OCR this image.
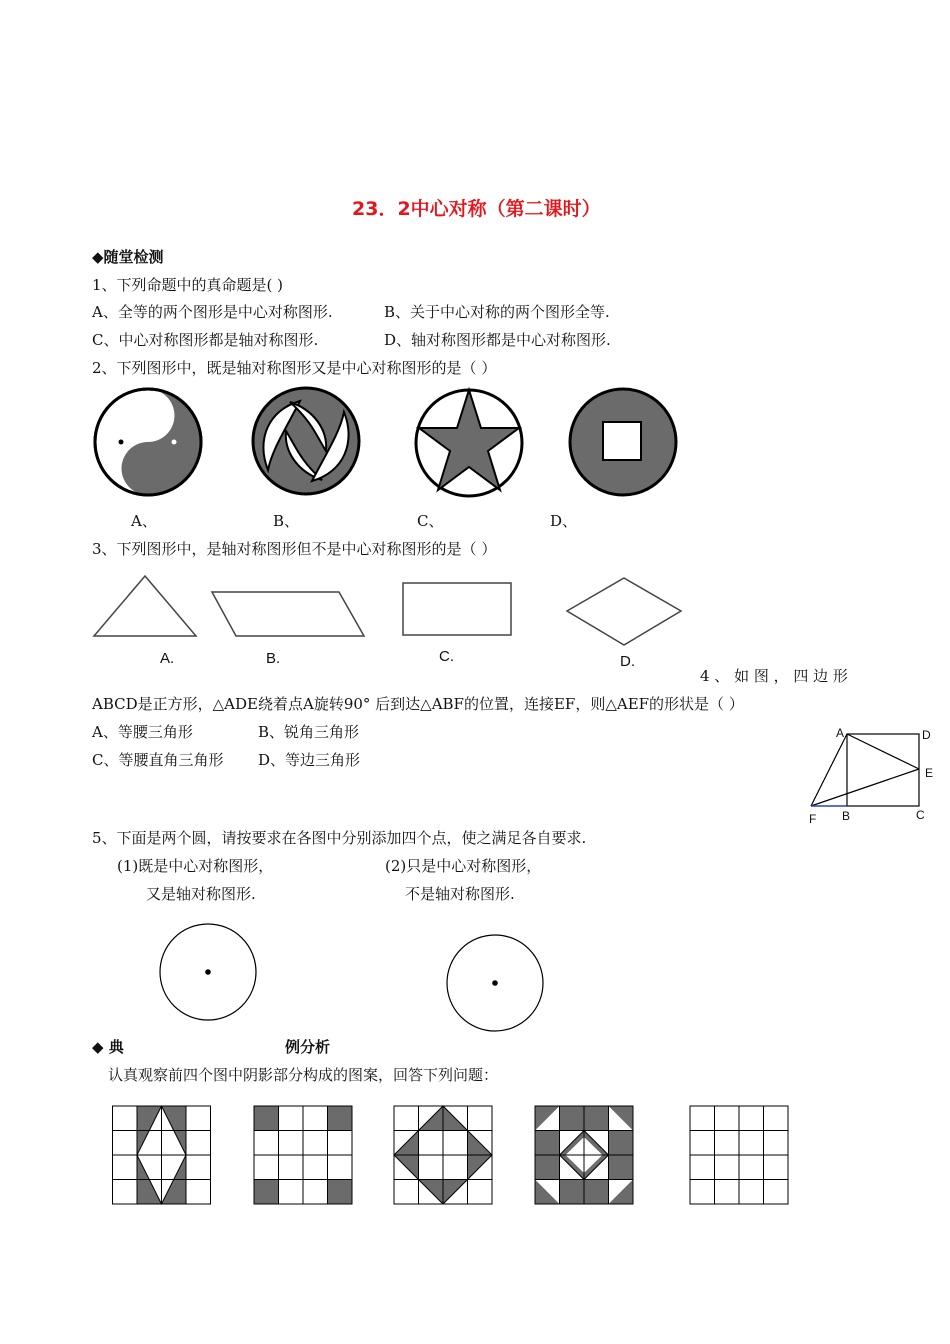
23．2中心对称（第二课时）
◆随堂检测
1、下列命题中的真命题是( )
A、全等的两个图形是中心对称图形.	B、关于中心对称的两个图形全等.
C、中心对称图形都是轴对称图形.	D、轴对称图形都是中心对称图形.
2、下列图形中，既是轴对称图形又是中心对称图形的是（ ）
A、	B、	C、	D、
3、下列图形中，是轴对称图形但不是中心对称图形的是（ ）
A.	B.	C.	D.
4 、 如 图 ， 四 边 形
ABCD是正方形，△ADE绕着点A旋转90° 后到达△ABF的位置，连接EF，则△AEF的形状是（ ）
A、等腰三角形	B、锐角三角形
C、等腰直角三角形 D、等边三角形
A	D
E
F B	C
5、下面是两个圆，请按要求在各图中分别添加四个点，使之满足各自要求.
(1)既是中心对称图形，
又是轴对称图形.
(2)只是中心对称图形，
不是轴对称图形.
◆ 典	例分析
认真观察前四个图中阴影部分构成的图案，回答下列问题：
